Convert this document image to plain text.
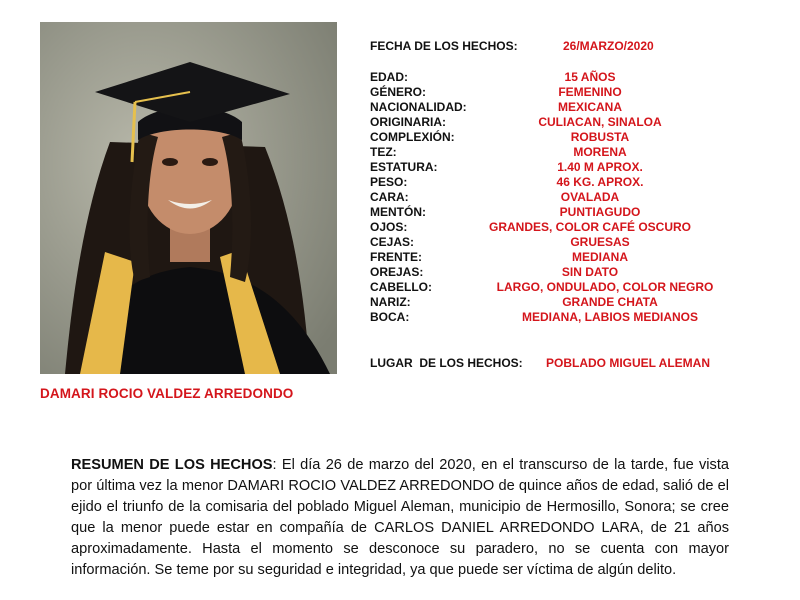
DAMARI ROCIO VALDEZ ARREDONDO
FECHA DE LOS HECHOS:	26/MARZO/2020
EDAD:	15 AÑOS
GÉNERO:	FEMENINO
NACIONALIDAD:	MEXICANA
ORIGINARIA:	CULIACAN, SINALOA
COMPLEXIÓN:	ROBUSTA
TEZ:	MORENA
ESTATURA:	1.40 M APROX.
PESO:	46 KG. APROX.
CARA:	OVALADA
MENTÓN:	PUNTIAGUDO
OJOS:	GRANDES, COLOR CAFÉ OSCURO
CEJAS:	GRUESAS
FRENTE:	MEDIANA
OREJAS:	SIN DATO
CABELLO:	LARGO, ONDULADO, COLOR NEGRO
NARIZ:	GRANDE CHATA
BOCA:	MEDIANA, LABIOS MEDIANOS
LUGAR  DE LOS HECHOS: POBLADO MIGUEL ALEMAN
RESUMEN DE LOS HECHOS: El día 26 de marzo del 2020, en el transcurso de la tarde, fue vista por última vez la menor DAMARI ROCIO VALDEZ ARREDONDO de quince años de edad, salió de el ejido el triunfo de la comisaria del poblado Miguel Aleman, municipio de Hermosillo, Sonora; se cree que la menor puede estar en compañía de CARLOS DANIEL ARREDONDO LARA, de 21 años aproximadamente. Hasta el momento se desconoce su paradero, no se cuenta con mayor información. Se teme por su seguridad e integridad, ya que puede ser víctima de algún delito.
